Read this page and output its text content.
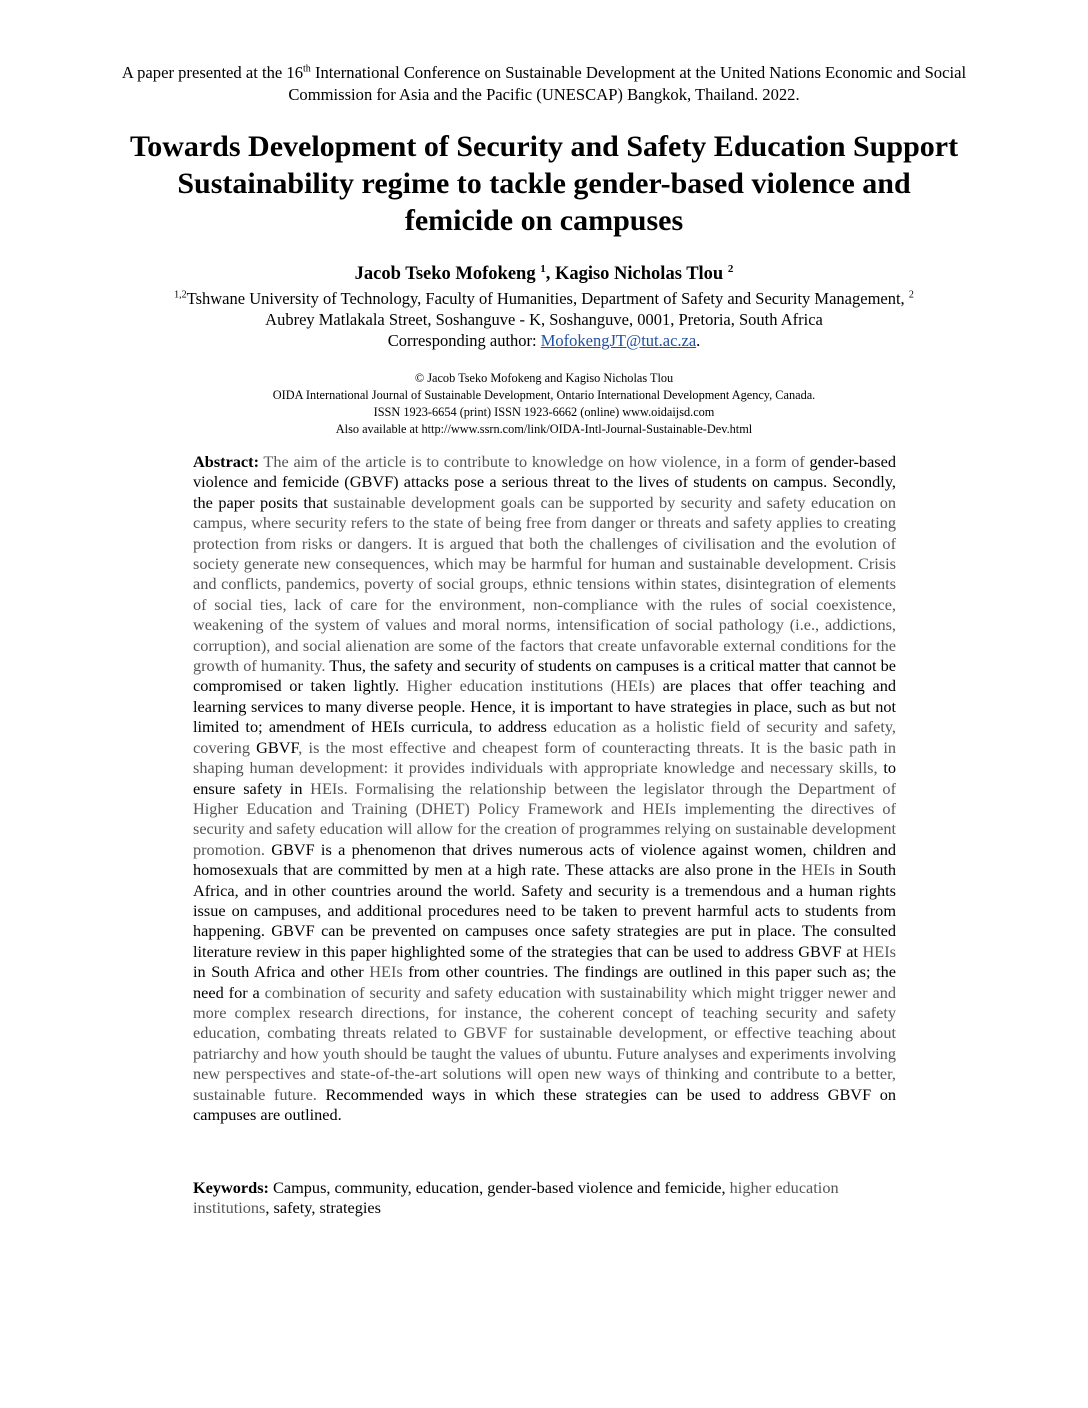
A paper presented at the 16th International Conference on Sustainable Development at the United Nations Economic and Social Commission for Asia and the Pacific (UNESCAP) Bangkok, Thailand. 2022.
Towards Development of Security and Safety Education Support Sustainability regime to tackle gender-based violence and femicide on campuses
Jacob Tseko Mofokeng $^1$, Kagiso Nicholas Tlou $^2$
$^{1,2}$Tshwane University of Technology, Faculty of Humanities, Department of Safety and Security Management, $^2$
Aubrey Matlakala Street, Soshanguve - K, Soshanguve, 0001, Pretoria, South Africa
Corresponding author: MofokengJT@tut.ac.za.
© Jacob Tseko Mofokeng and Kagiso Nicholas Tlou
OIDA International Journal of Sustainable Development, Ontario International Development Agency, Canada.
ISSN 1923-6654 (print) ISSN 1923-6662 (online) www.oidaijsd.com
Also available at http://www.ssrn.com/link/OIDA-Intl-Journal-Sustainable-Dev.html

Abstract: The aim of the article is to contribute to knowledge on how violence, in a form of gender-based violence and femicide (GBVF) attacks pose a serious threat to the lives of students on campus. Secondly, the paper posits that sustainable development goals can be supported by security and safety education on campus, where security refers to the state of being free from danger or threats and safety applies to creating protection from risks or dangers. It is argued that both the challenges of civilisation and the evolution of society generate new consequences, which may be harmful for human and sustainable development. Crisis and conflicts, pandemics, poverty of social groups, ethnic tensions within states, disintegration of elements of social ties, lack of care for the environment, non-compliance with the rules of social coexistence, weakening of the system of values and moral norms, intensification of social pathology (i.e., addictions, corruption), and social alienation are some of the factors that create unfavorable external conditions for the growth of humanity. Thus, the safety and security of students on campuses is a critical matter that cannot be compromised or taken lightly. Higher education institutions (HEIs) are places that offer teaching and learning services to many diverse people. Hence, it is important to have strategies in place, such as but not limited to; amendment of HEIs curricula, to address education as a holistic field of security and safety, covering GBVF, is the most effective and cheapest form of counteracting threats. It is the basic path in shaping human development: it provides individuals with appropriate knowledge and necessary skills, to ensure safety in HEIs. Formalising the relationship between the legislator through the Department of Higher Education and Training (DHET) Policy Framework and HEIs implementing the directives of security and safety education will allow for the creation of programmes relying on sustainable development promotion. GBVF is a phenomenon that drives numerous acts of violence against women, children and homosexuals that are committed by men at a high rate. These attacks are also prone in the HEIs in South Africa, and in other countries around the world. Safety and security is a tremendous and a human rights issue on campuses, and additional procedures need to be taken to prevent harmful acts to students from happening. GBVF can be prevented on campuses once safety strategies are put in place. The consulted literature review in this paper highlighted some of the strategies that can be used to address GBVF at HEIs in South Africa and other HEIs from other countries. The findings are outlined in this paper such as; the need for a combination of security and safety education with sustainability which might trigger newer and more complex research directions, for instance, the coherent concept of teaching security and safety education, combating threats related to GBVF for sustainable development, or effective teaching about patriarchy and how youth should be taught the values of ubuntu. Future analyses and experiments involving new perspectives and state-of-the-art solutions will open new ways of thinking and contribute to a better, sustainable future. Recommended ways in which these strategies can be used to address GBVF on campuses are outlined.

Keywords: Campus, community, education, gender-based violence and femicide, higher education institutions, safety, strategies
